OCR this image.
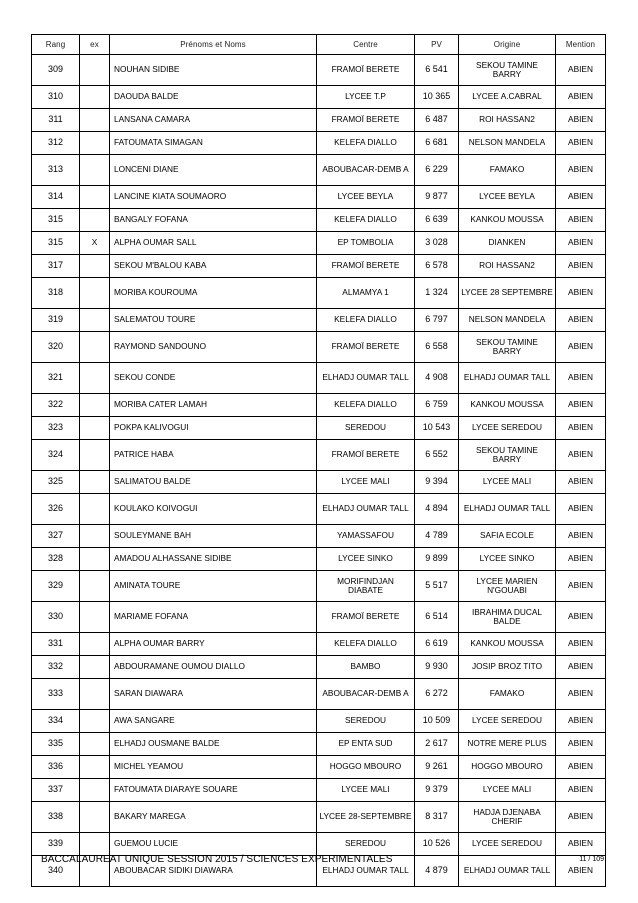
Rang	ex	Prénoms et Noms	Centre	PV	Origine	Mention
309		NOUHAN SIDIBE	FRAMOÏ BERETE	6 541	SEKOU TAMINE BARRY	ABIEN
310		DAOUDA BALDE	LYCEE T.P	10 365	LYCEE A.CABRAL	ABIEN
311		LANSANA CAMARA	FRAMOÏ BERETE	6 487	ROI HASSAN2	ABIEN
312		FATOUMATA SIMAGAN	KELEFA DIALLO	6 681	NELSON MANDELA	ABIEN
313		LONCENI DIANE	ABOUBACAR-DEMB A	6 229	FAMAKO	ABIEN
314		LANCINE KIATA SOUMAORO	LYCEE BEYLA	9 877	LYCEE BEYLA	ABIEN
315		BANGALY FOFANA	KELEFA DIALLO	6 639	KANKOU MOUSSA	ABIEN
315	X	ALPHA OUMAR SALL	EP TOMBOLIA	3 028	DIANKEN	ABIEN
317		SEKOU M'BALOU KABA	FRAMOÏ BERETE	6 578	ROI HASSAN2	ABIEN
318		MORIBA KOUROUMA	ALMAMYA 1	1 324	LYCEE 28 SEPTEMBRE	ABIEN
319		SALEMATOU TOURE	KELEFA DIALLO	6 797	NELSON MANDELA	ABIEN
320		RAYMOND SANDOUNO	FRAMOÏ BERETE	6 558	SEKOU TAMINE BARRY	ABIEN
321		SEKOU CONDE	ELHADJ OUMAR TALL	4 908	ELHADJ OUMAR TALL	ABIEN
322		MORIBA CATER LAMAH	KELEFA DIALLO	6 759	KANKOU MOUSSA	ABIEN
323		POKPA KALIVOGUI	SEREDOU	10 543	LYCEE SEREDOU	ABIEN
324		PATRICE HABA	FRAMOÏ BERETE	6 552	SEKOU TAMINE BARRY	ABIEN
325		SALIMATOU BALDE	LYCEE MALI	9 394	LYCEE MALI	ABIEN
326		KOULAKO KOIVOGUI	ELHADJ OUMAR TALL	4 894	ELHADJ OUMAR TALL	ABIEN
327		SOULEYMANE BAH	YAMASSAFOU	4 789	SAFIA ECOLE	ABIEN
328		AMADOU ALHASSANE SIDIBE	LYCEE SINKO	9 899	LYCEE SINKO	ABIEN
329		AMINATA TOURE	MORIFINDJAN DIABATE	5 517	LYCEE MARIEN N'GOUABI	ABIEN
330		MARIAME FOFANA	FRAMOÏ BERETE	6 514	IBRAHIMA DUCAL BALDE	ABIEN
331		ALPHA OUMAR BARRY	KELEFA DIALLO	6 619	KANKOU MOUSSA	ABIEN
332		ABDOURAMANE OUMOU DIALLO	BAMBO	9 930	JOSIP BROZ TITO	ABIEN
333		SARAN DIAWARA	ABOUBACAR-DEMB A	6 272	FAMAKO	ABIEN
334		AWA SANGARE	SEREDOU	10 509	LYCEE SEREDOU	ABIEN
335		ELHADJ OUSMANE BALDE	EP ENTA SUD	2 617	NOTRE MERE PLUS	ABIEN
336		MICHEL YEAMOU	HOGGO MBOURO	9 261	HOGGO MBOURO	ABIEN
337		FATOUMATA DIARAYE SOUARE	LYCEE MALI	9 379	LYCEE MALI	ABIEN
338		BAKARY MAREGA	LYCEE 28-SEPTEMBRE	8 317	HADJA DJENABA CHERIF	ABIEN
339		GUEMOU LUCIE	SEREDOU	10 526	LYCEE SEREDOU	ABIEN
340		ABOUBACAR SIDIKI DIAWARA	ELHADJ OUMAR TALL	4 879	ELHADJ OUMAR TALL	ABIEN
BACCALAUREAT UNIQUE SESSION 2015 / SCIENCES EXPERIMENTALES	11 / 109
